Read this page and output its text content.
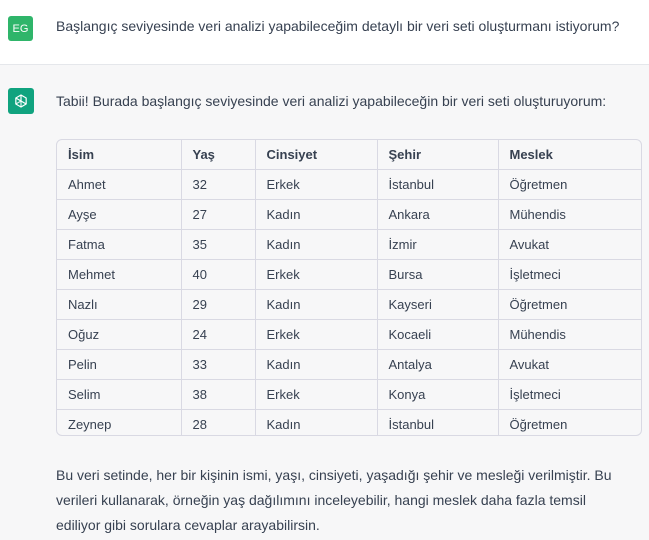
EG Başlangıç seviyesinde veri analizi yapabileceğim detaylı bir veri seti oluşturmanı istiyorum?
Tabii! Burada başlangıç seviyesinde veri analizi yapabileceğin bir veri seti oluşturuyorum:
İsim	Yaş	Cinsiyet	Şehir	Meslek
Ahmet	32	Erkek	İstanbul	Öğretmen
Ayşe	27	Kadın	Ankara	Mühendis
Fatma	35	Kadın	İzmir	Avukat
Mehmet	40	Erkek	Bursa	İşletmeci
Nazlı	29	Kadın	Kayseri	Öğretmen
Oğuz	24	Erkek	Kocaeli	Mühendis
Pelin	33	Kadın	Antalya	Avukat
Selim	38	Erkek	Konya	İşletmeci
Zeynep	28	Kadın	İstanbul	Öğretmen
Bu veri setinde, her bir kişinin ismi, yaşı, cinsiyeti, yaşadığı şehir ve mesleği verilmiştir. Bu verileri kullanarak, örneğin yaş dağılımını inceleyebilir, hangi meslek daha fazla temsil ediliyor gibi sorulara cevaplar arayabilirsin.
